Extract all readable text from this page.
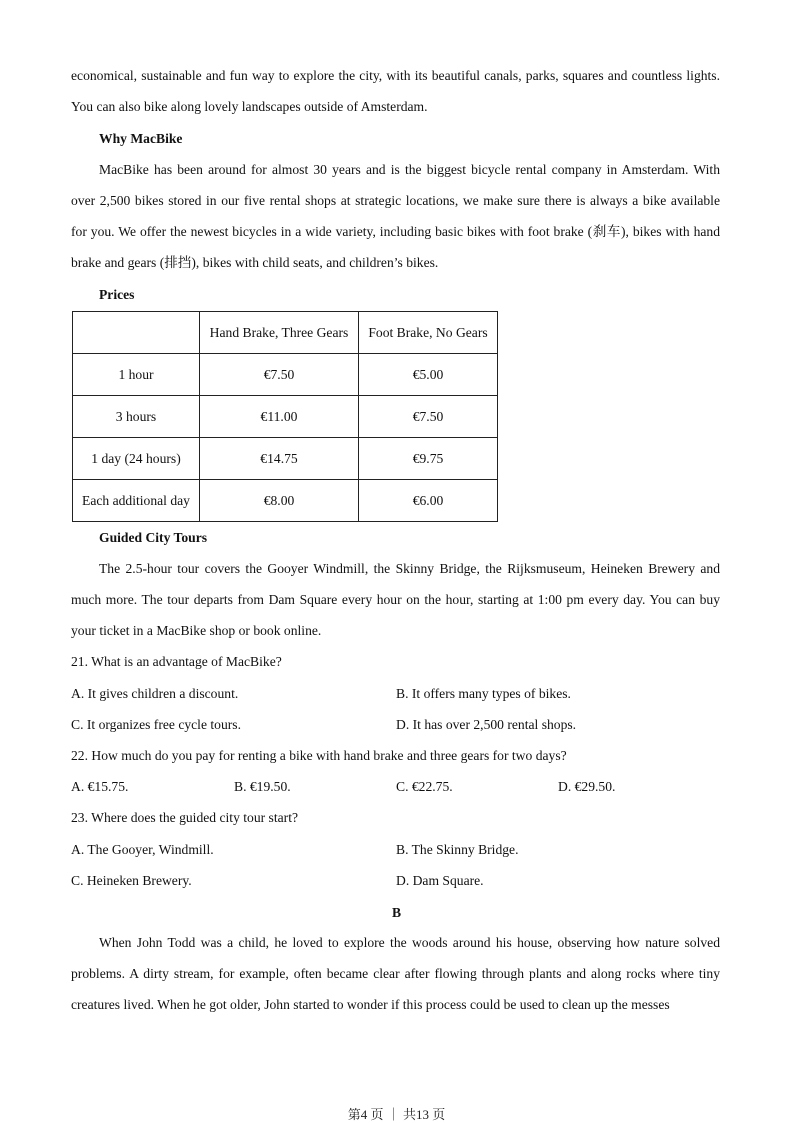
economical, sustainable and fun way to explore the city, with its beautiful canals, parks, squares and countless lights.
You can also bike along lovely landscapes outside of Amsterdam.
Why MacBike
MacBike has been around for almost 30 years and is the biggest bicycle rental company in Amsterdam. With
over 2,500 bikes stored in our five rental shops at strategic locations, we make sure there is always a bike available
for you. We offer the newest bicycles in a wide variety, including basic bikes with foot brake (刹车), bikes with hand
brake and gears (排挡), bikes with child seats, and children’s bikes.
Prices
	Hand Brake, Three Gears	Foot Brake, No Gears
1 hour	€7.50	€5.00
3 hours	€11.00	€7.50
1 day (24 hours)	€14.75	€9.75
Each additional day	€8.00	€6.00
Guided City Tours
The 2.5-hour tour covers the Gooyer Windmill, the Skinny Bridge, the Rijksmuseum, Heineken Brewery and
much more. The tour departs from Dam Square every hour on the hour, starting at 1:00 pm every day. You can buy
your ticket in a MacBike shop or book online.
21. What is an advantage of MacBike?
A. It gives children a discount.	B. It offers many types of bikes.
C. It organizes free cycle tours.	D. It has over 2,500 rental shops.
22. How much do you pay for renting a bike with hand brake and three gears for two days?
A. €15.75.	B. €19.50.	C. €22.75.	D. €29.50.
23. Where does the guided city tour start?
A. The Gooyer, Windmill.	B. The Skinny Bridge.
C. Heineken Brewery.	D. Dam Square.
B
When John Todd was a child, he loved to explore the woods around his house, observing how nature solved
problems. A dirty stream, for example, often became clear after flowing through plants and along rocks where tiny
creatures lived. When he got older, John started to wonder if this process could be used to clean up the messes
第4 页 ｜ 共13 页
